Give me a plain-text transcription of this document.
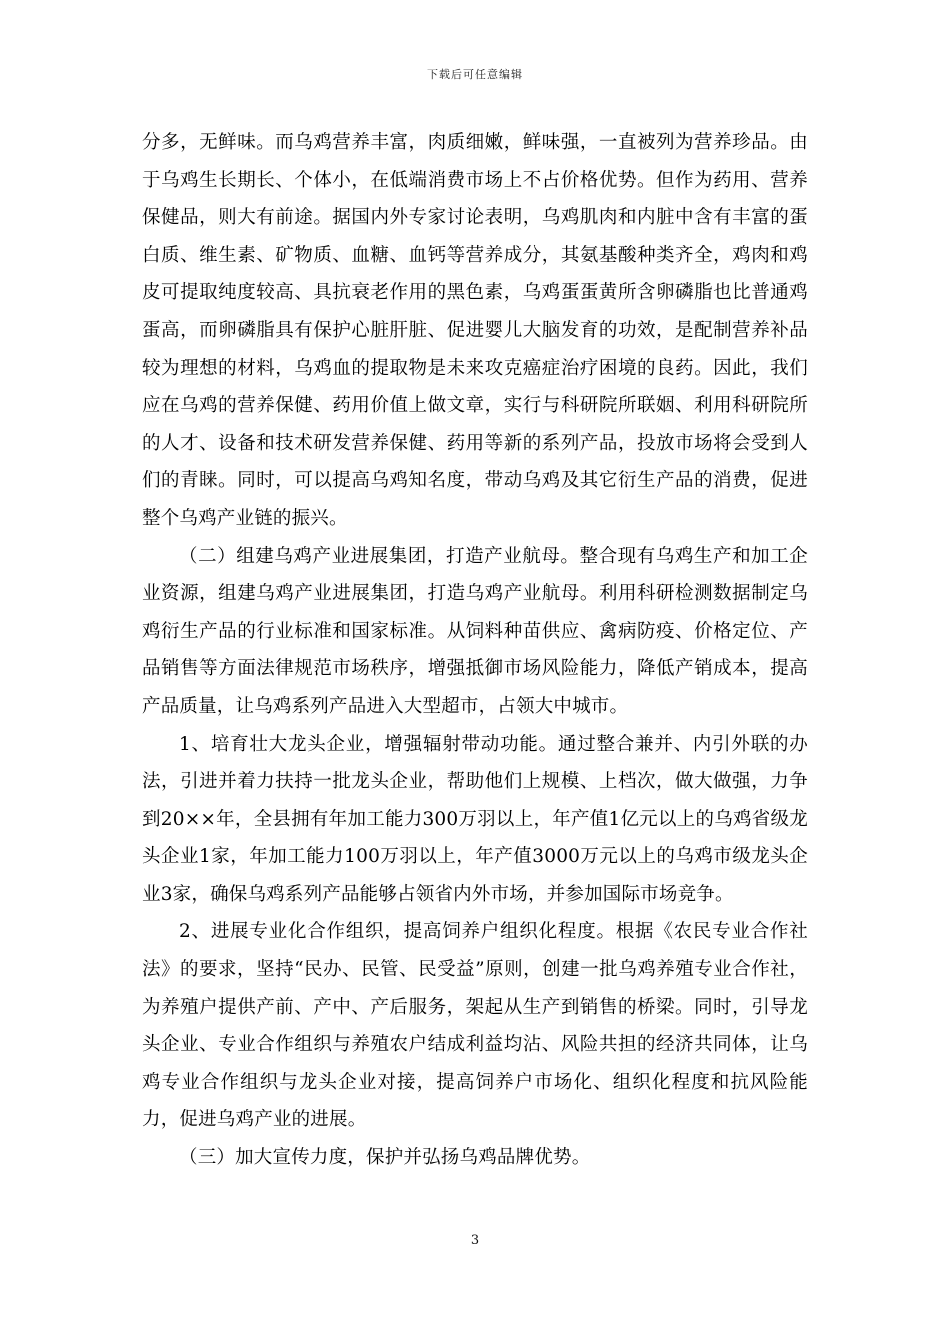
下载后可任意编辑

分多，无鲜味。而乌鸡营养丰富，肉质细嫩，鲜味强，一直被列为营养珍品。由于乌鸡生长期长、个体小，在低端消费市场上不占价格优势。但作为药用、营养保健品，则大有前途。据国内外专家讨论表明，乌鸡肌肉和内脏中含有丰富的蛋白质、维生素、矿物质、血糖、血钙等营养成分，其氨基酸种类齐全，鸡肉和鸡皮可提取纯度较高、具抗衰老作用的黑色素，乌鸡蛋蛋黄所含卵磷脂也比普通鸡蛋高，而卵磷脂具有保护心脏肝脏、促进婴儿大脑发育的功效，是配制营养补品较为理想的材料，乌鸡血的提取物是未来攻克癌症治疗困境的良药。因此，我们应在乌鸡的营养保健、药用价值上做文章，实行与科研院所联姻、利用科研院所的人才、设备和技术研发营养保健、药用等新的系列产品，投放市场将会受到人们的青睐。同时，可以提高乌鸡知名度，带动乌鸡及其它衍生产品的消费，促进整个乌鸡产业链的振兴。

（二）组建乌鸡产业进展集团，打造产业航母。整合现有乌鸡生产和加工企业资源，组建乌鸡产业进展集团，打造乌鸡产业航母。利用科研检测数据制定乌鸡衍生产品的行业标准和国家标准。从饲料种苗供应、禽病防疫、价格定位、产品销售等方面法律规范市场秩序，增强抵御市场风险能力，降低产销成本，提高产品质量，让乌鸡系列产品进入大型超市，占领大中城市。

1、培育壮大龙头企业，增强辐射带动功能。通过整合兼并、内引外联的办法，引进并着力扶持一批龙头企业，帮助他们上规模、上档次，做大做强，力争到20××年，全县拥有年加工能力300万羽以上，年产值1亿元以上的乌鸡省级龙头企业1家，年加工能力100万羽以上，年产值3000万元以上的乌鸡市级龙头企业3家，确保乌鸡系列产品能够占领省内外市场，并参加国际市场竞争。

2、进展专业化合作组织，提高饲养户组织化程度。根据《农民专业合作社法》的要求，坚持“民办、民管、民受益”原则，创建一批乌鸡养殖专业合作社，为养殖户提供产前、产中、产后服务，架起从生产到销售的桥梁。同时，引导龙头企业、专业合作组织与养殖农户结成利益均沾、风险共担的经济共同体，让乌鸡专业合作组织与龙头企业对接，提高饲养户市场化、组织化程度和抗风险能力，促进乌鸡产业的进展。

（三）加大宣传力度，保护并弘扬乌鸡品牌优势。

3
